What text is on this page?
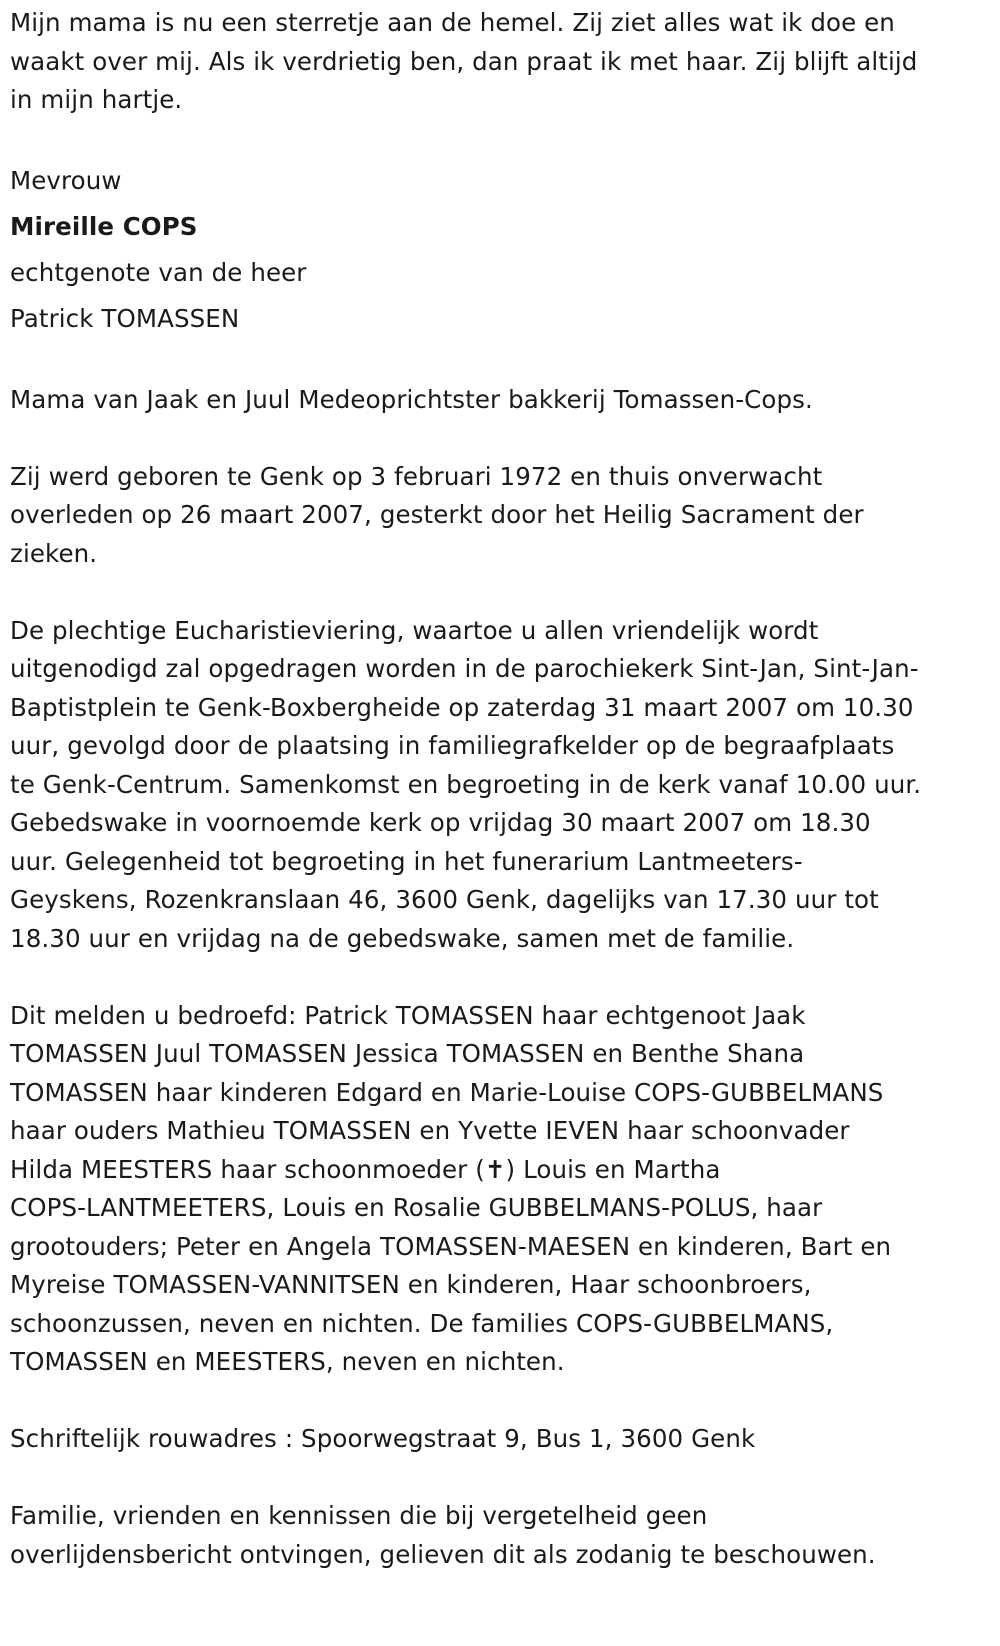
Mijn mama is nu een sterretje aan de hemel. Zij ziet alles wat ik doe en
waakt over mij. Als ik verdrietig ben, dan praat ik met haar. Zij blijft altijd
in mijn hartje.

Mevrouw

Mireille COPS

echtgenote van de heer

Patrick TOMASSEN

Mama van Jaak en Juul Medeoprichtster bakkerij Tomassen-Cops.

Zij werd geboren te Genk op 3 februari 1972 en thuis onverwacht
overleden op 26 maart 2007, gesterkt door het Heilig Sacrament der
zieken.

De plechtige Eucharistieviering, waartoe u allen vriendelijk wordt
uitgenodigd zal opgedragen worden in de parochiekerk Sint-Jan, Sint-Jan-
Baptistplein te Genk-Boxbergheide op zaterdag 31 maart 2007 om 10.30
uur, gevolgd door de plaatsing in familiegrafkelder op de begraafplaats
te Genk-Centrum. Samenkomst en begroeting in de kerk vanaf 10.00 uur.
Gebedswake in voornoemde kerk op vrijdag 30 maart 2007 om 18.30
uur. Gelegenheid tot begroeting in het funerarium Lantmeeters-
Geyskens, Rozenkranslaan 46, 3600 Genk, dagelijks van 17.30 uur tot
18.30 uur en vrijdag na de gebedswake, samen met de familie.

Dit melden u bedroefd: Patrick TOMASSEN haar echtgenoot Jaak
TOMASSEN Juul TOMASSEN Jessica TOMASSEN en Benthe Shana
TOMASSEN haar kinderen Edgard en Marie-Louise COPS-GUBBELMANS
haar ouders Mathieu TOMASSEN en Yvette IEVEN haar schoonvader
Hilda MEESTERS haar schoonmoeder (✝) Louis en Martha
COPS-LANTMEETERS, Louis en Rosalie GUBBELMANS-POLUS, haar
grootouders; Peter en Angela TOMASSEN-MAESEN en kinderen, Bart en
Myreise TOMASSEN-VANNITSEN en kinderen, Haar schoonbroers,
schoonzussen, neven en nichten. De families COPS-GUBBELMANS,
TOMASSEN en MEESTERS, neven en nichten.

Schriftelijk rouwadres : Spoorwegstraat 9, Bus 1, 3600 Genk

Familie, vrienden en kennissen die bij vergetelheid geen
overlijdensbericht ontvingen, gelieven dit als zodanig te beschouwen.
